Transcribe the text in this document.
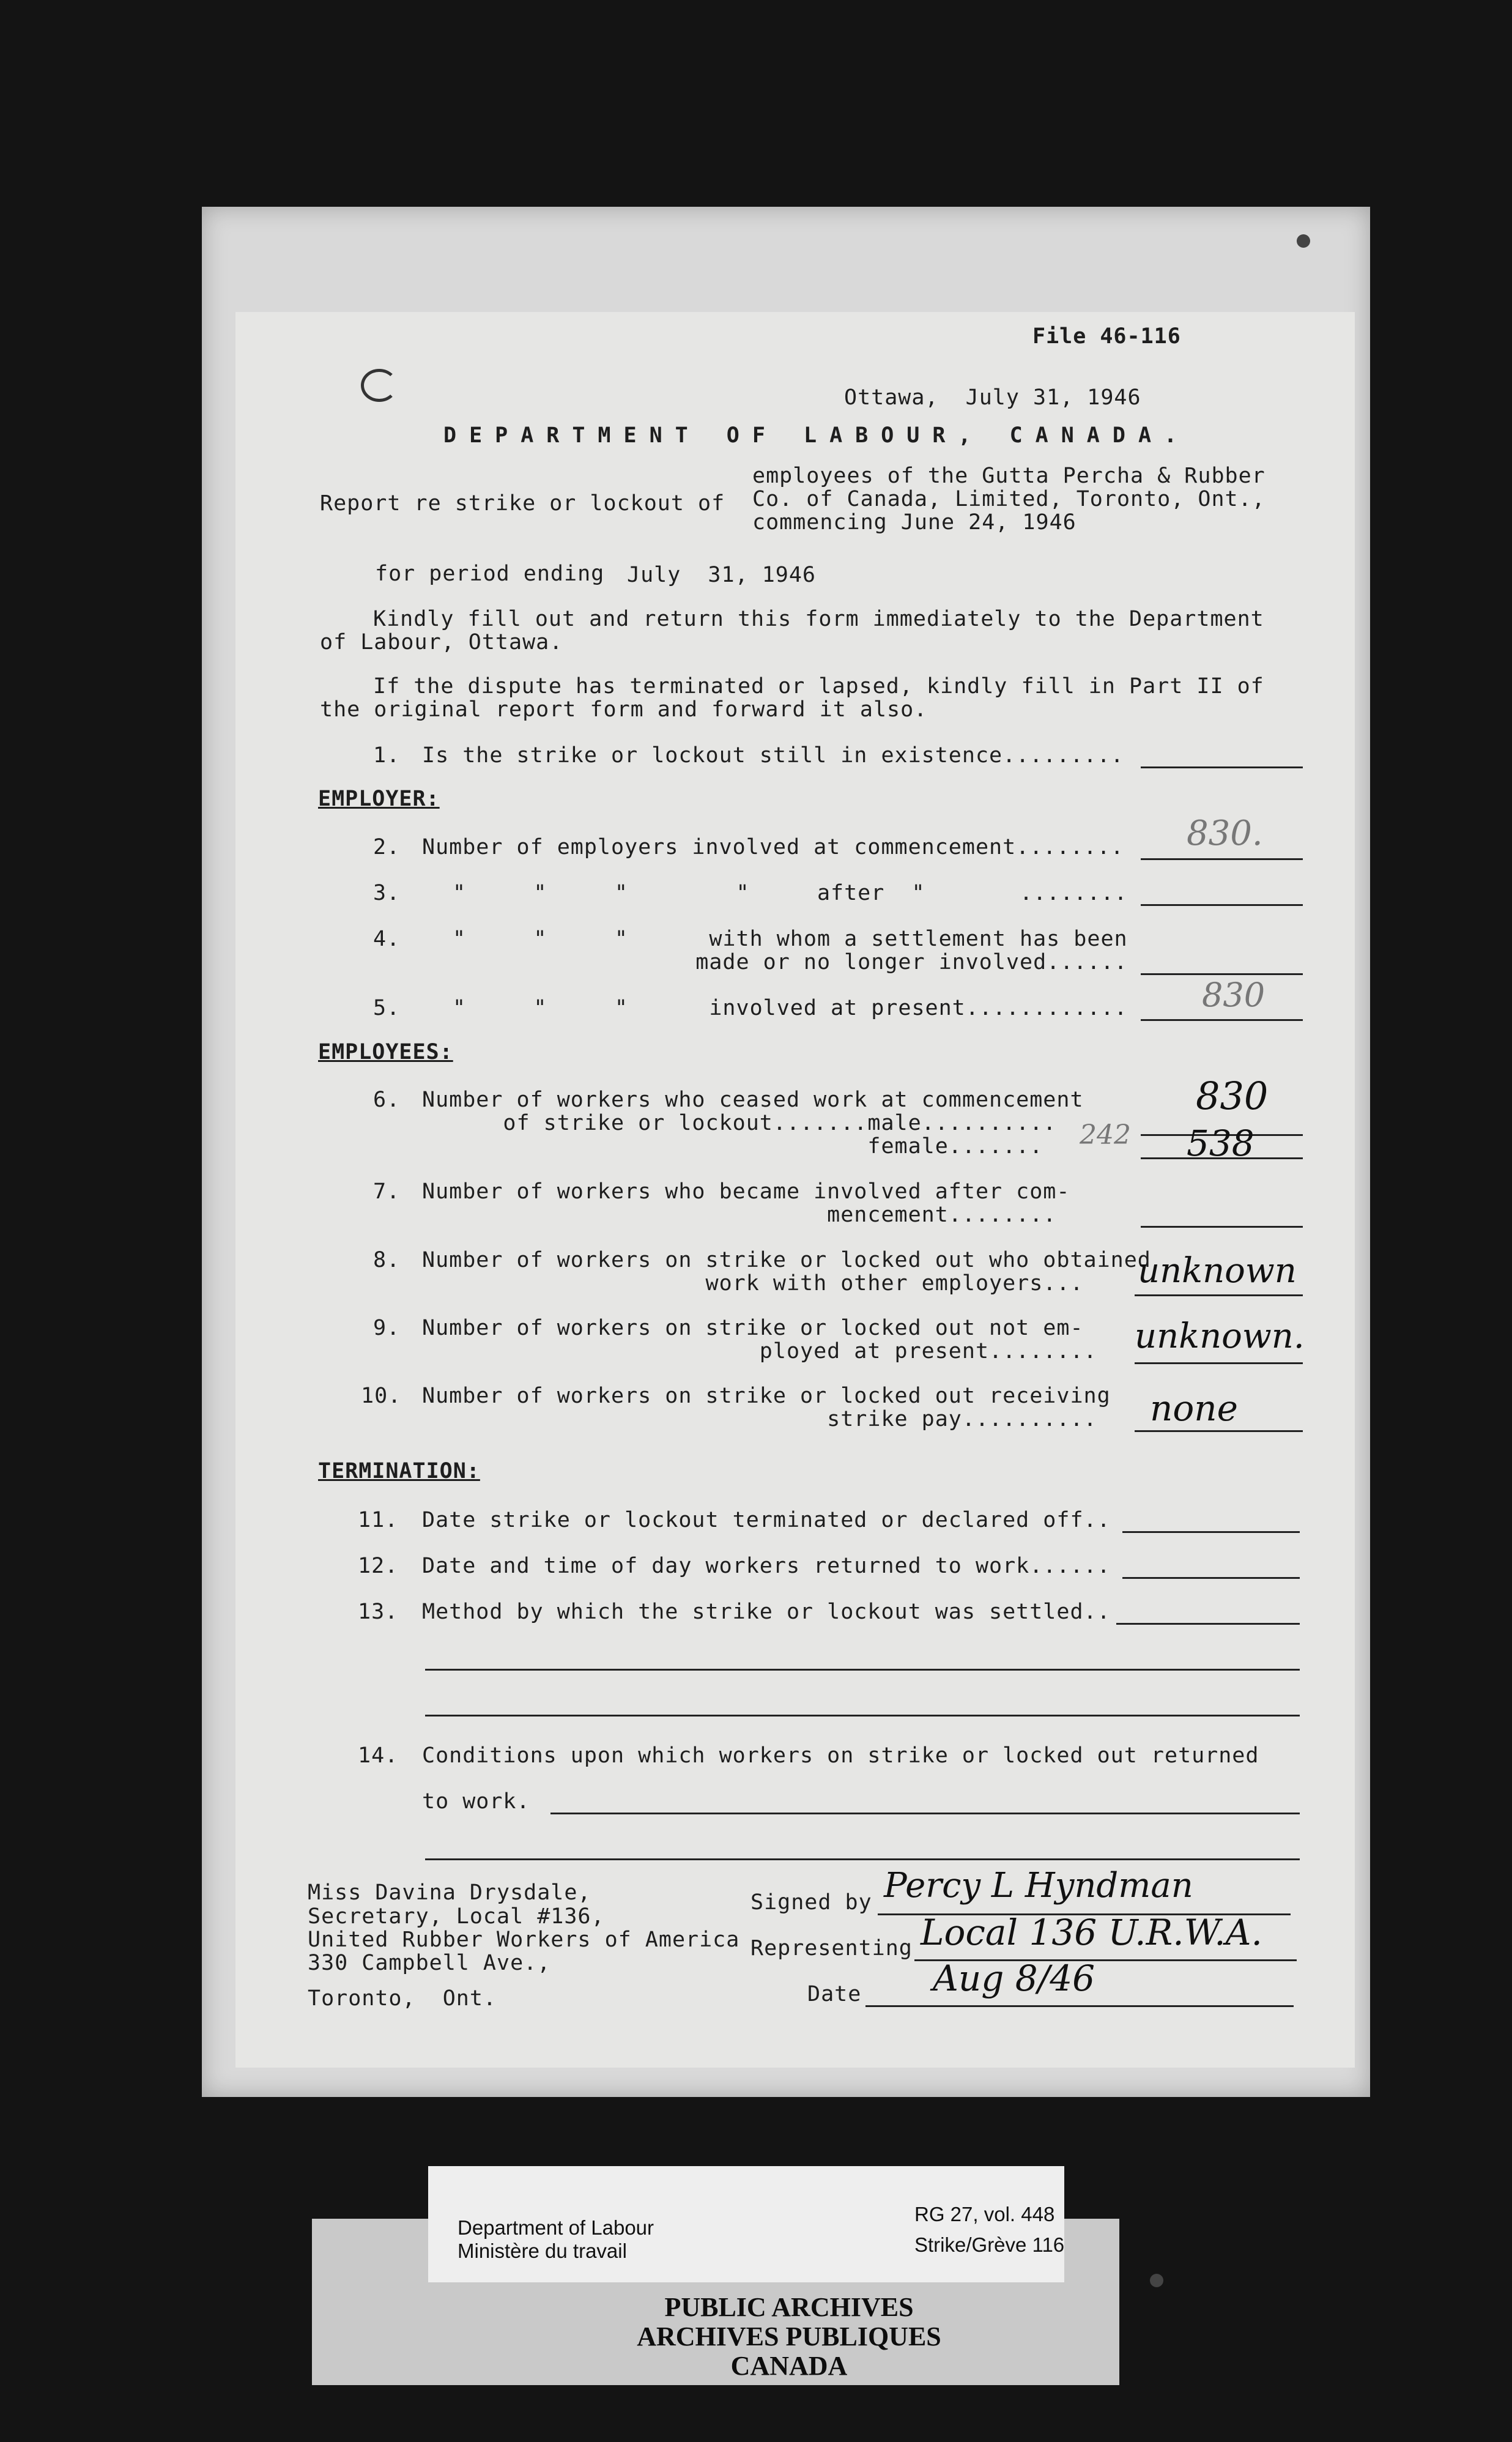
File 46-116
Ottawa,  July 31, 1946
DEPARTMENT OF LABOUR, CANADA.
Report re strike or lockout of
employees of the Gutta Percha & Rubber
Co. of Canada, Limited, Toronto, Ont.,
commencing June 24, 1946
for period ending July  31, 1946
Kindly fill out and return this form immediately to the Department
of Labour, Ottawa.
If the dispute has terminated or lapsed, kindly fill in Part II of
the original report form and forward it also.
1. Is the strike or lockout still in existence.........
EMPLOYER:
2. Number of employers involved at commencement........ 830.
3. "     "     "        "     after  "       ........
4. "     "     "      with whom a settlement has been
made or no longer involved......
5. "     "     "      involved at present............ 830
EMPLOYEES:
6. Number of workers who ceased work at commencement
of strike or lockout.......male..........
female.......
830
242 538
7. Number of workers who became involved after com-
mencement........
8. Number of workers on strike or locked out who obtained
work with other employers... unknown
9. Number of workers on strike or locked out not em-
ployed at present........ unknown.
10. Number of workers on strike or locked out receiving
strike pay.......... none
TERMINATION:
11. Date strike or lockout terminated or declared off..
12. Date and time of day workers returned to work......
13. Method by which the strike or lockout was settled..
14. Conditions upon which workers on strike or locked out returned
to work.
Miss Davina Drysdale,
Secretary, Local #136,
United Rubber Workers of America
330 Campbell Ave.,
Toronto,  Ont.
Signed by Percy L Hyndman
Representing Local 136 U.R.W.A.
Date Aug 8/46
Department of Labour
Ministère du travail
RG 27, vol. 448
Strike/Grève 116
PUBLIC ARCHIVES
ARCHIVES PUBLIQUES
CANADA
